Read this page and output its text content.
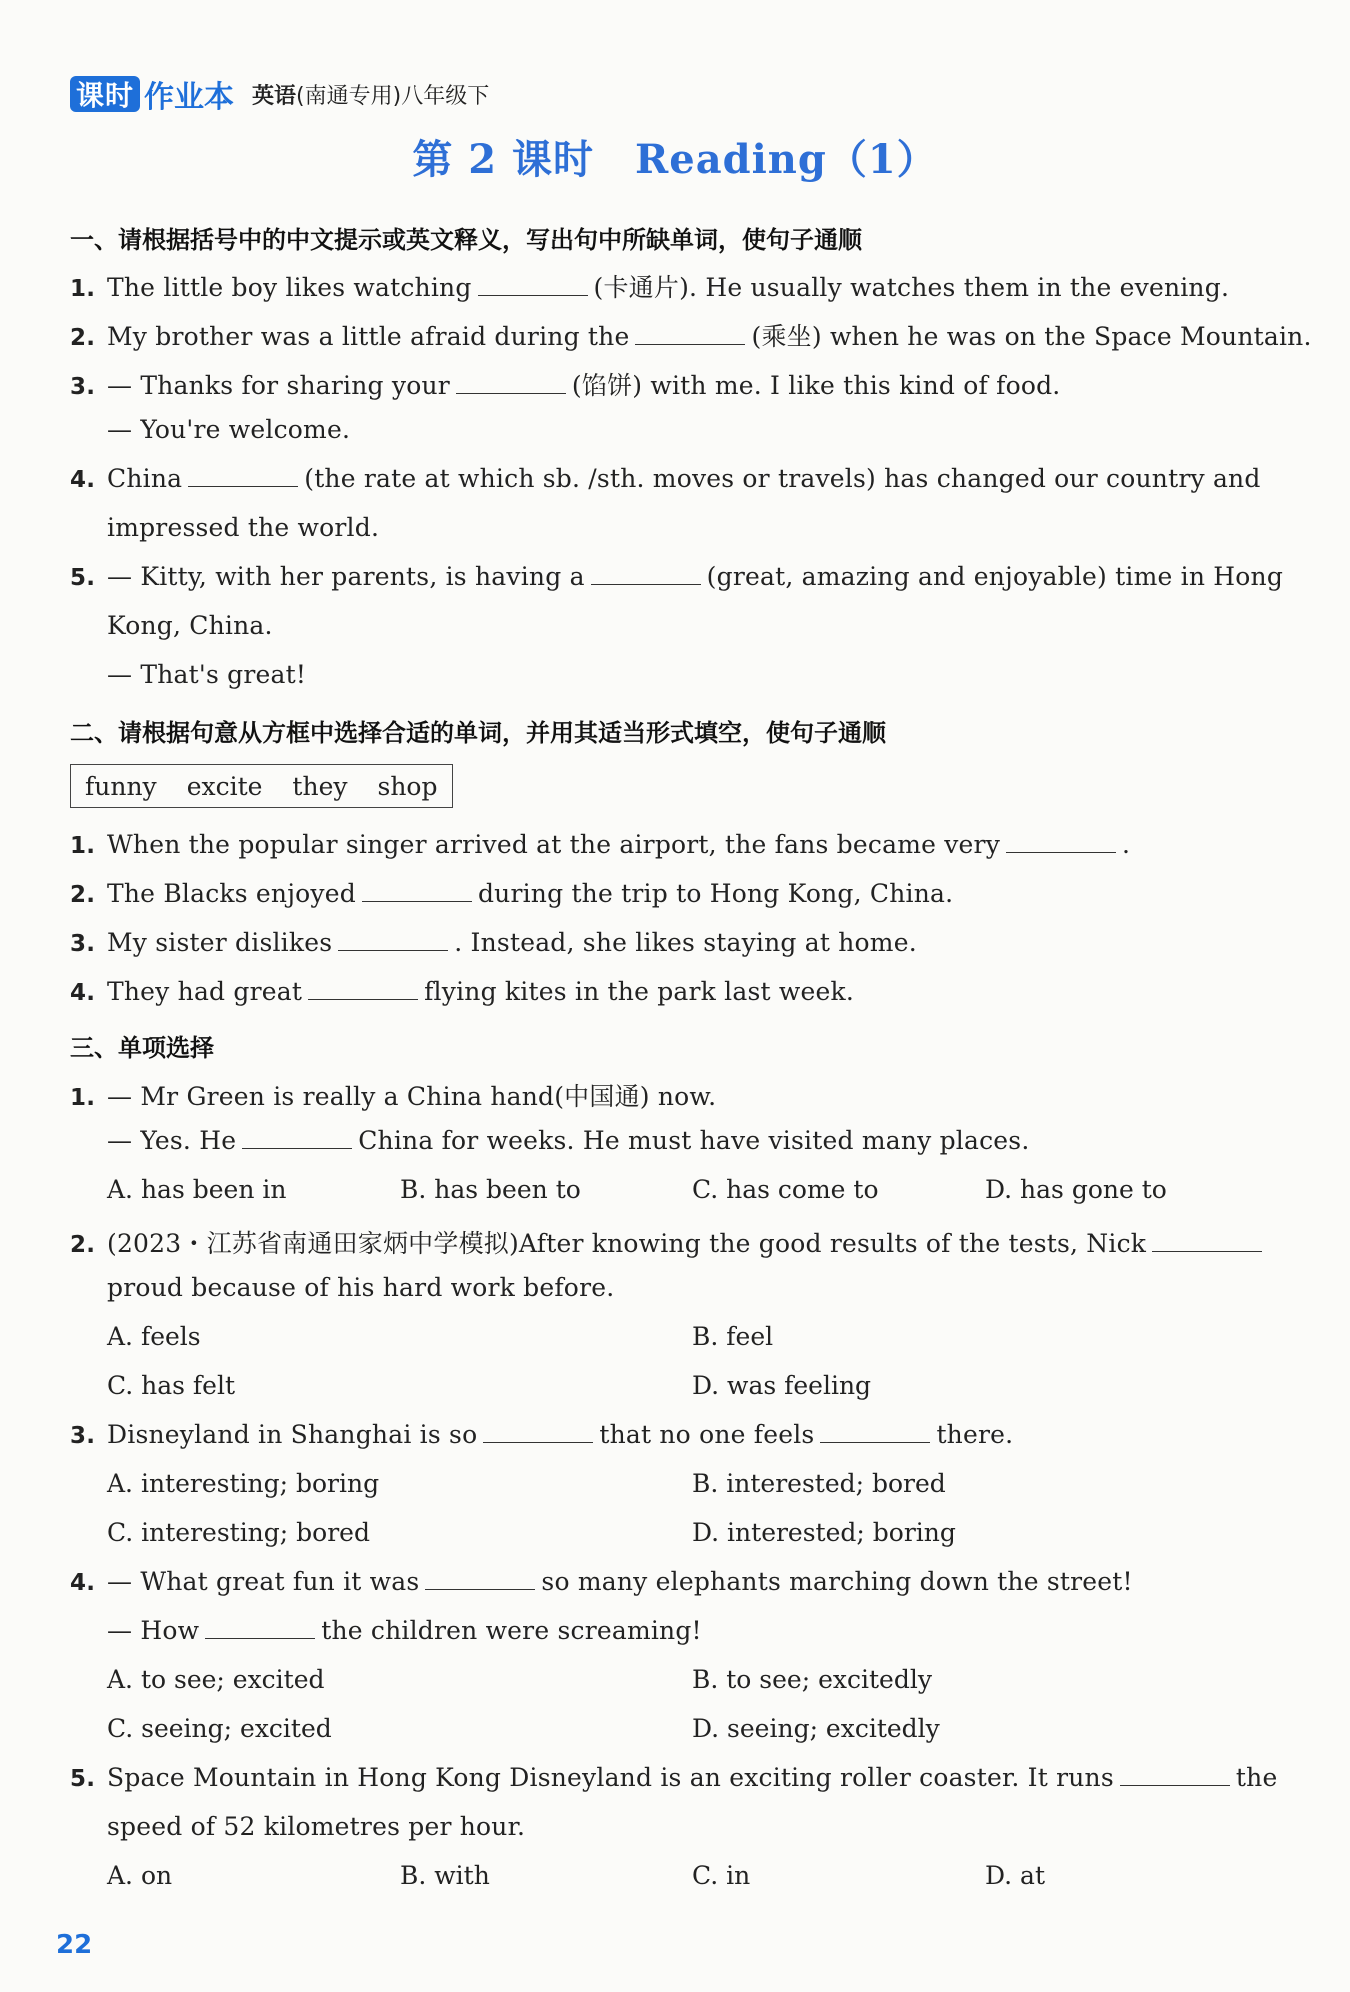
课时 作业本 英语(南通专用)八年级下
第 2 课时　Reading（1）
一、请根据括号中的中文提示或英文释义，写出句中所缺单词，使句子通顺
1. The little boy likes watching	(卡通片). He usually watches them in the evening.
2. My brother was a little afraid during the	(乘坐) when he was on the Space Mountain.
3. — Thanks for sharing your	(馅饼) with me. I like this kind of food.
— You're welcome.
4. China	(the rate at which sb. /sth. moves or travels) has changed our country and
impressed the world.
5. — Kitty, with her parents, is having a	(great, amazing and enjoyable) time in Hong
Kong, China.
— That's great!
二、请根据句意从方框中选择合适的单词，并用其适当形式填空，使句子通顺
funny excite they shop
1. When the popular singer arrived at the airport, the fans became very	.
2. The Blacks enjoyed	during the trip to Hong Kong, China.
3. My sister dislikes	. Instead, she likes staying at home.
4. They had great	flying kites in the park last week.
三、单项选择
1. — Mr Green is really a China hand(中国通) now.
— Yes. He	China for weeks. He must have visited many places.
A. has been in	B. has been to	C. has come to	D. has gone to
2. (2023・江苏省南通田家炳中学模拟)After knowing the good results of the tests, Nick
proud because of his hard work before.
A. feels	B. feel
C. has felt	D. was feeling
3. Disneyland in Shanghai is so	that no one feels	there.
A. interesting; boring	B. interested; bored
C. interesting; bored	D. interested; boring
4. — What great fun it was	so many elephants marching down the street!
— How	the children were screaming!
A. to see; excited	B. to see; excitedly
C. seeing; excited	D. seeing; excitedly
5. Space Mountain in Hong Kong Disneyland is an exciting roller coaster. It runs	the
speed of 52 kilometres per hour.
A. on	B. with	C. in	D. at
22
